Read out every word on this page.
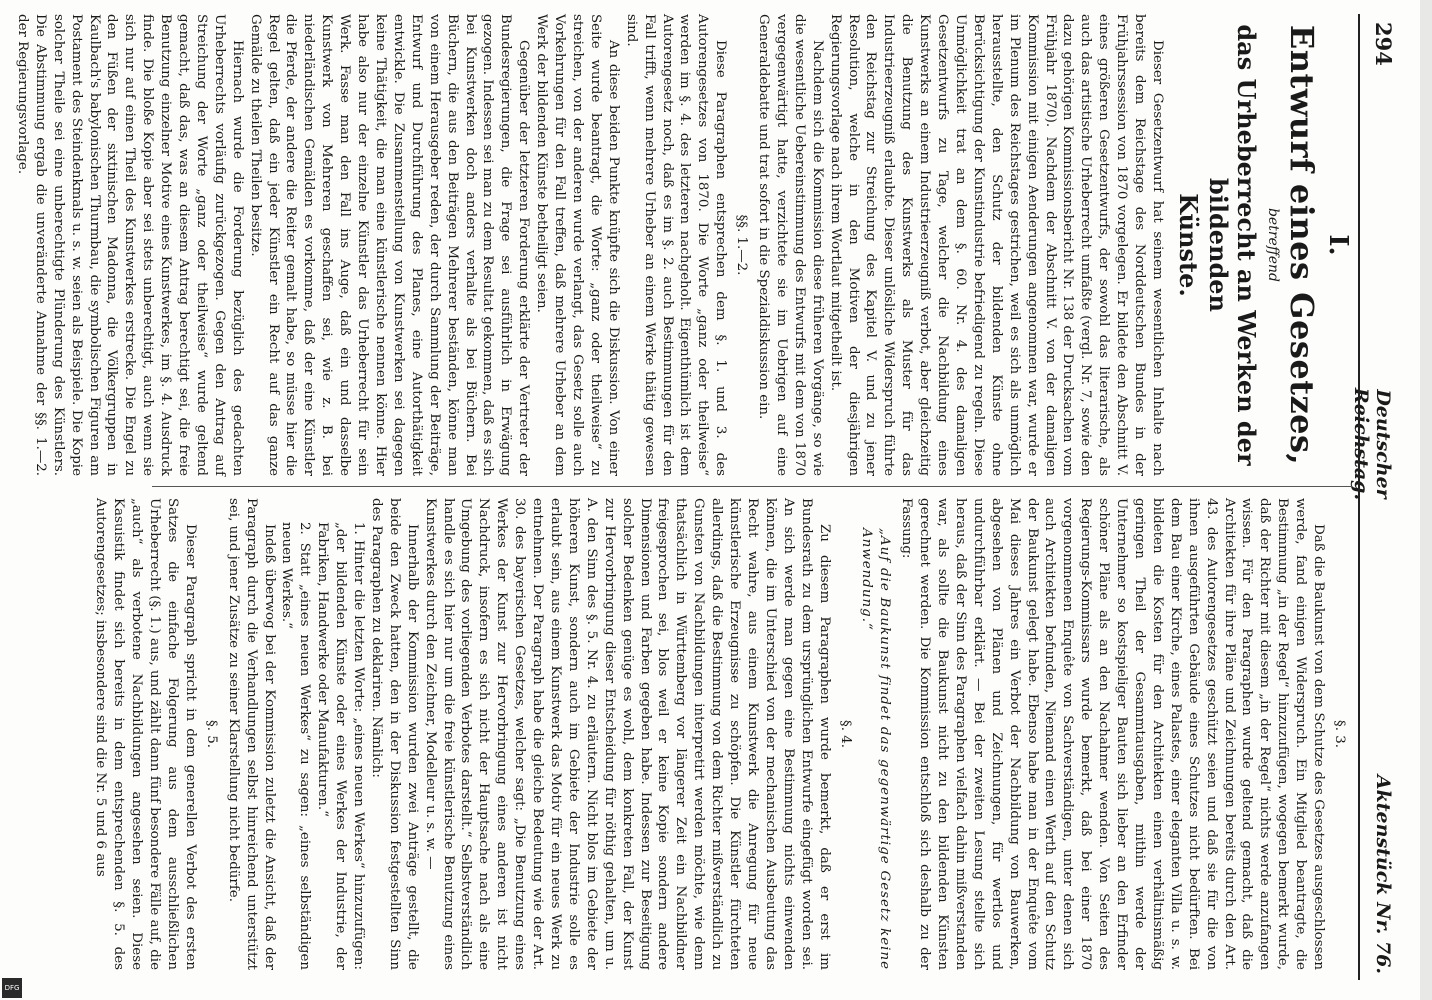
294
Deutscher Reichstag.
Aktenstück Nr. 76.
I.
Entwurf eines Gesetzes,
betreffend
das Urheberrecht an Werken der bildenden
Künste.

Dieser Gesetzentwurf hat seinem wesentlichen Inhalte nach bereits dem Reichstage des Norddeutschen Bundes in der Frühjahrssession von 1870 vorgelegen. Er bildete den Abschnitt V. eines größeren Gesetzentwurfs, der sowohl das literarische, als auch das artistische Urheberrecht umfaßte (vergl. Nr. 7, sowie den dazu gehörigen Kommissionsbericht Nr. 138 der Drucksachen vom Frühjahr 1870). Nachdem der Abschnitt V. von der damaligen Kommission mit einigen Aenderungen angenommen war, wurde er im Plenum des Reichstages gestrichen, weil es sich als unmöglich herausstellte, den Schutz der bildenden Künste ohne Berücksichtigung der Kunstindustrie befriedigend zu regeln. Diese Unmöglichkeit trat an dem §. 60. Nr. 4. des damaligen Gesetzentwurfs zu Tage, welcher die Nachbildung eines Kunstwerks an einem Industrieerzeugniß verbot, aber gleichzeitig die Benutzung des Kunstwerks als Muster für das Industrieerzeugniß erlaubte. Dieser unlösliche Widerspruch führte den Reichstag zur Streichung des Kapitel V. und zu jener Resolution, welche in den Motiven der diesjährigen Regierungsvorlage nach ihrem Wortlaut mitgetheilt ist.

Nachdem sich die Kommission diese früheren Vorgänge, so wie die wesentliche Uebereinstimmung des Entwurfs mit dem von 1870 vergegenwärtigt hatte, verzichtete sie im Uebrigen auf eine Generaldebatte und trat sofort in die Spezialdiskussion ein.

§§. 1.—2.

Diese Paragraphen entsprechen dem §. 1. und 3. des Autorengesetzes von 1870. Die Worte „ganz oder theilweise“ werden im §. 4. des letzteren nachgeholt. Eigenthümlich ist dem Autorengesetz noch, daß es im §. 2. auch Bestimmungen für den Fall trifft, wenn mehrere Urheber an einem Werke thätig gewesen sind.

An diese beiden Punkte knüpfte sich die Diskussion. Von einer Seite wurde beantragt, die Worte: „ganz oder theilweise“ zu streichen, von der anderen wurde verlangt, das Gesetz solle auch Vorkehrungen für den Fall treffen, daß mehrere Urheber an dem Werk der bildenden Künste betheiligt seien.

Gegenüber der letzteren Forderung erklärte der Vertreter der Bundesregierungen, die Frage sei ausführlich in Erwägung gezogen. Indessen sei man zu dem Resultat gekommen, daß es sich bei Kunstwerken doch anders verhalte als bei Büchern. Bei Büchern, die aus den Beiträgen Mehrerer beständen, könne man von einem Herausgeber reden, der durch Sammlung der Beiträge, Entwurf und Durchführung des Planes, eine Autorthätigkeit entwickle. Die Zusammenstellung von Kunstwerken sei dagegen keine Thätigkeit, die man eine künstlerische nennen könne. Hier habe also nur der einzelne Künstler das Urheberrecht für sein Werk. Fasse man den Fall ins Auge, daß ein und dasselbe Kunstwerk von Mehreren geschaffen sei, wie z. B. bei niederländischen Gemälden es vorkomme, daß der eine Künstler die Pferde, der andere die Reiter gemalt habe, so müsse hier die Regel gelten, daß ein jeder Künstler ein Recht auf das ganze Gemälde zu theilen Theilen besitze.

Hiernach wurde die Forderung bezüglich des gedachten Urheberrechts vorläufig zurückgezogen. Gegen den Antrag auf Streichung der Worte „ganz oder theilweise“ wurde geltend gemacht, daß das, was an diesem Antrag berechtigt sei, die freie Benutzung einzelner Motive eines Kunstwerkes, im §. 4. Ausdruck finde. Die bloße Kopie aber sei stets unberechtigt, auch wenn sie sich nur auf einen Theil des Kunstwerkes erstrecke. Die Engel zu den Füßen der sixtinischen Madonna, die Völkergruppen in Kaulbach's babylonischen Thurmbau, die symbolischen Figuren am Postament des Steindenkmals u. s. w. seien als Beispiele. Die Kopie solcher Theile sei eine unberechtigte Plünderung des Künstlers. Die Abstimmung ergab die unveränderte Annahme der §§. 1.—2. der Regierungsvorlage.

§. 3.

Daß die Baukunst von dem Schutze des Gesetzes ausgeschlossen werde, fand einigen Widerspruch. Ein Mitglied beantragte, die Bestimmung „in der Regel“ hinzuzufügen, wogegen bemerkt wurde, daß der Richter mit diesem „in der Regel“ nichts werde anzufangen wissen. Für den Paragraphen wurde geltend gemacht, daß die Architekten für ihre Pläne und Zeichnungen bereits durch den Art. 43. des Autorengesetzes geschützt seien und daß sie für die von ihnen ausgeführten Gebäude eines Schutzes nicht bedürften. Bei dem Bau einer Kirche, eines Palastes, einer eleganten Villa u. s. w. bildeten die Kosten für den Architekten einen verhältnismäßig geringen Theil der Gesammtausgaben, mithin werde der Unternehmer so kostspieliger Bauten sich lieber an den Erfinder schöner Pläne als an den Nachahmer wenden. Von Seiten des Regierungs-Kommissars wurde bemerkt, daß bei einer 1870 vorgenommenen Enquête von Sachverständigen, unter denen sich auch Architekten befunden, Niemand einen Werth auf den Schutz der Baukunst gelegt habe. Ebenso habe man in der Enquête vom Mai dieses Jahres ein Verbot der Nachbildung von Bauwerken, abgesehen von Plänen und Zeichnungen, für wertlos und undurchführbar erklärt. — Bei der zweiten Lesung stellte sich heraus, daß der Sinn des Paragraphen vielfach dahin mißverstanden war, als sollte die Baukunst nicht zu den bildenden Künsten gerechnet werden. Die Kommission entschloß sich deshalb zu der Fassung:

„Auf die Baukunst findet das gegenwärtige Gesetz keine Anwendung.“

§. 4.

Zu diesem Paragraphen wurde bemerkt, daß er erst im Bundesrath zu dem ursprünglichen Entwurfe eingefügt worden sei. An sich werde man gegen eine Bestimmung nichts einwenden können, die im Unterschied von der mechanischen Ausbeutung das Recht wahre, aus einem Kunstwerk die Anregung für neue künstlerische Erzeugnisse zu schöpfen. Die Künstler fürchteten allerdings, daß die Bestimmung von dem Richter mißverständlich zu Gunsten von Nachbildungen interpretirt werden möchte, wie denn thatsächlich in Württemberg vor längerer Zeit ein Nachbildner freigesprochen sei, blos weil er keine Kopie sondern andere Dimensionen und Farben gegeben habe. Indessen zur Beseitigung solcher Bedenken genüge es wohl, dem konkreten Fall, der Kunst zur Hervorbringung dieser Entscheidung für nöthig gehalten, um u. A. den Sinn des §. 5. Nr. 4. zu erläutern. Nicht blos im Gebiete der höheren Kunst, sondern auch im Gebiete der Industrie solle es erlaubt sein, aus einem Kunstwerk das Motiv für ein neues Werk zu entnehmen. Der Paragraph habe die gleiche Bedeutung wie der Art. 30. des bayerischen Gesetzes, welcher sagt: „Die Benutzung eines Werkes der Kunst zur Hervorbringung eines anderen ist nicht Nachdruck, insofern es sich nicht der Hauptsache nach als eine Umgebung des vorliegenden Verbotes darstellt.“ Selbstverständlich handle es sich hier nur um die freie künstlerische Benutzung eines Kunstwerkes durch den Zeichner, Modelleur u. s. w. —

Innerhalb der Kommission wurden zwei Anträge gestellt, die beide den Zweck hatten, den in der Diskussion festgestellten Sinn des Paragraphen zu deklariren. Nämlich:

1. Hinter die letzten Worte: „eines neuen Werkes“ hinzuzufügen: „der bildenden Künste oder eines Werkes der Industrie, der Fabriken, Handwerke oder Manufakturen.“

2. Statt „eines neuen Werkes“ zu sagen: „eines selbständigen neuen Werkes.“

Indeß überwog bei der Kommission zuletzt die Ansicht, daß der Paragraph durch die Verhandlungen selbst hinreichend unterstützt sei, und jener Zusätze zu seiner Klarstellung nicht bedürfe.

§. 5.

Dieser Paragraph spricht in dem generellen Verbot des ersten Satzes die einfache Folgerung aus dem ausschließlichen Urheberrecht (§. 1.) aus, und zählt dann fünf besondere Fälle auf, die „auch“ als verbotene Nachbildungen angesehen seien. Diese Kasuistik findet sich bereits in dem entsprechenden §. 5. des Autorengesetzes; insbesondere sind die Nr. 5 und 6 aus

DFG
